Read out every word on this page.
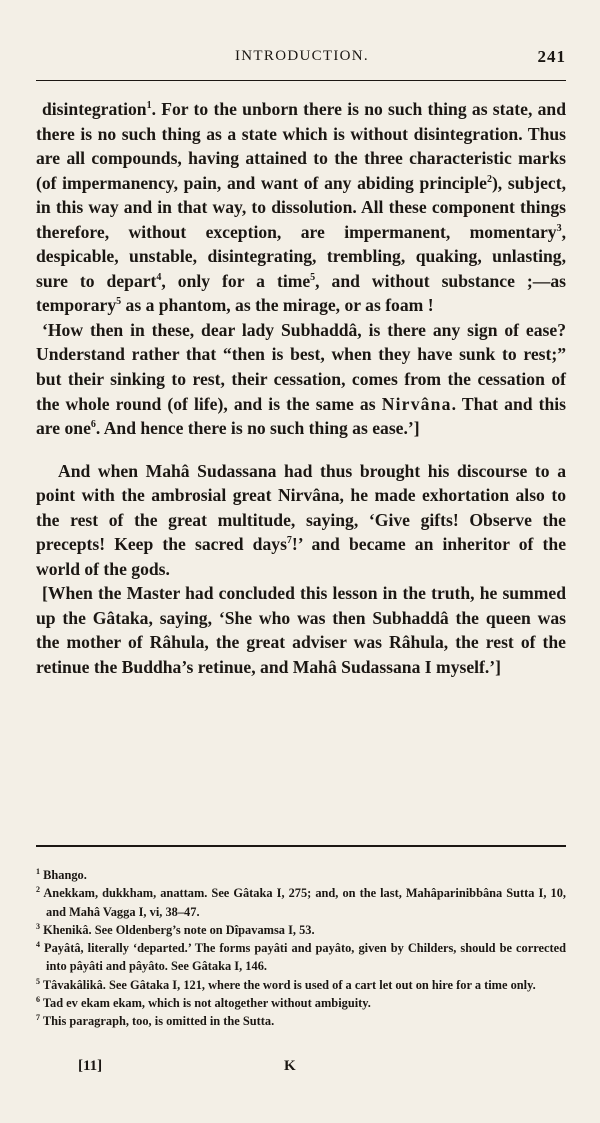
INTRODUCTION.	241

disintegration$^1$. For to the unborn there is no such thing as state, and there is no such thing as a state which is without disintegration. Thus are all compounds, having attained to the three characteristic marks (of impermanency, pain, and want of any abiding principle$^2$), subject, in this way and in that way, to dissolution. All these component things therefore, without exception, are impermanent, momentary$^3$, despicable, unstable, disintegrating, trembling, quaking, unlasting, sure to depart$^4$, only for a time$^5$, and without substance ;—as temporary$^5$ as a phantom, as the mirage, or as foam !

‘How then in these, dear lady Subhaddâ, is there any sign of ease? Understand rather that “then is best, when they have sunk to rest;” but their sinking to rest, their cessation, comes from the cessation of the whole round (of life), and is the same as Nirvâna. That and this are one$^6$. And hence there is no such thing as ease.’]

And when Mahâ Sudassana had thus brought his discourse to a point with the ambrosial great Nirvâna, he made exhortation also to the rest of the great multitude, saying, ‘Give gifts! Observe the precepts! Keep the sacred days$^7$!’ and became an inheritor of the world of the gods.

[When the Master had concluded this lesson in the truth, he summed up the Gâtaka, saying, ‘She who was then Subhaddâ the queen was the mother of Râhula, the great adviser was Râhula, the rest of the retinue the Buddha’s retinue, and Mahâ Sudassana I myself.’]

$^1$ Bhango.
$^2$ Anekkam, dukkham, anattam. See Gâtaka I, 275; and, on the last, Mahâparinibbâna Sutta I, 10, and Mahâ Vagga I, vi, 38–47.
$^3$ Khenikâ. See Oldenberg’s note on Dîpavamsa I, 53.
$^4$ Payâtâ, literally ‘departed.’ The forms payâti and payâto, given by Childers, should be corrected into pâyâti and pâyâto. See Gâtaka I, 146.
$^5$ Tâvakâlikâ. See Gâtaka I, 121, where the word is used of a cart let out on hire for a time only.
$^6$ Tad ev ekam ekam, which is not altogether without ambiguity.
$^7$ This paragraph, too, is omitted in the Sutta.
[11]	K
